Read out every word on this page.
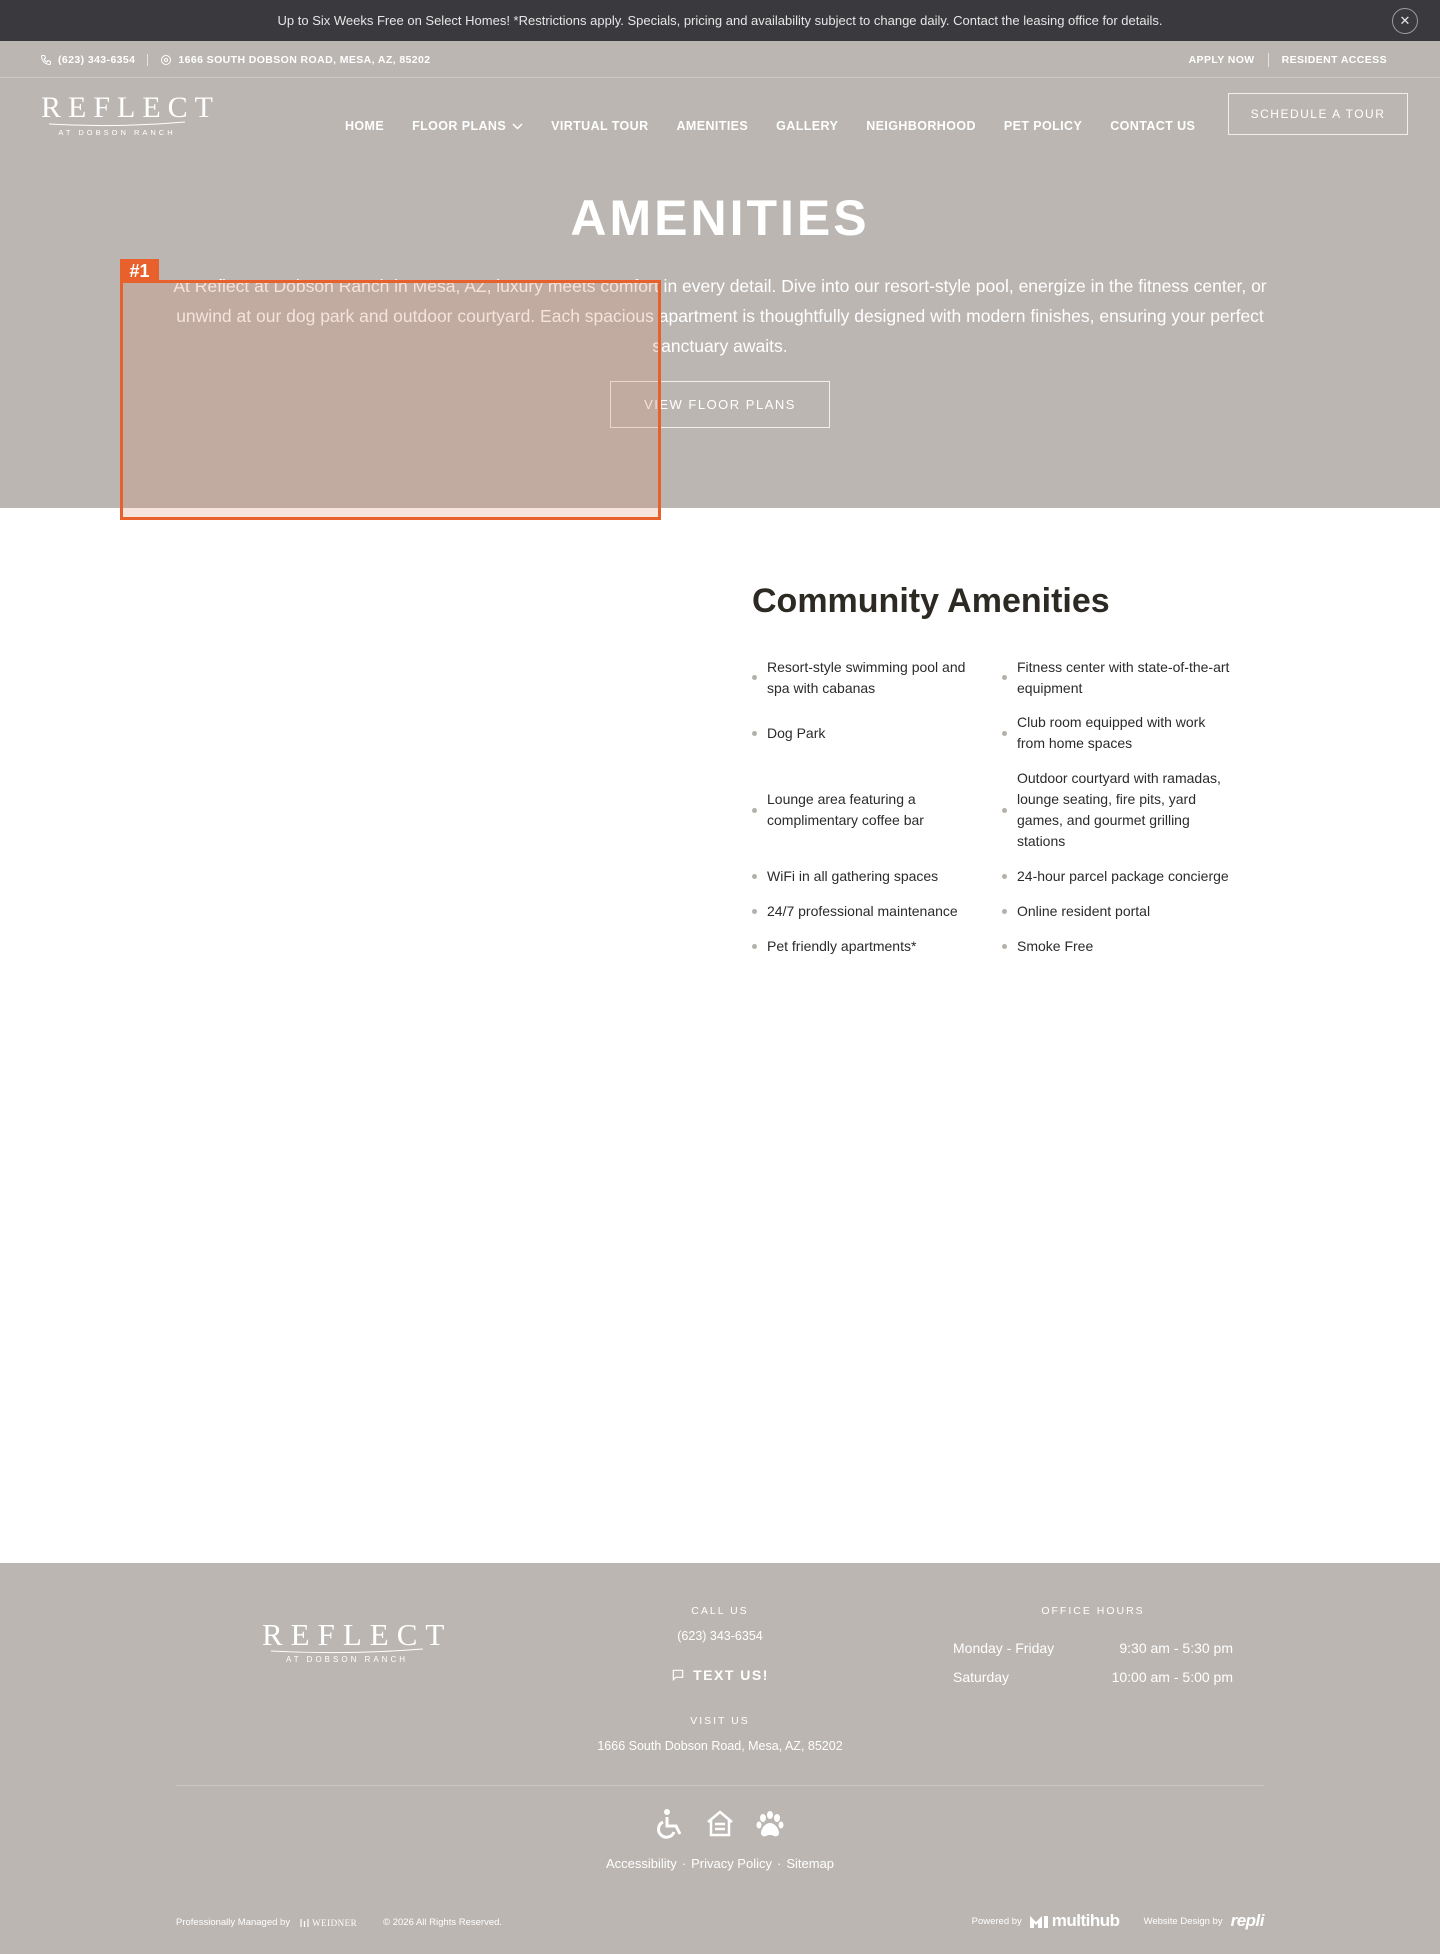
Up to Six Weeks Free on Select Homes! *Restrictions apply. Specials, pricing and availability subject to change daily. Contact the leasing office for details.	✕
(623) 343-6354	1666 SOUTH DOBSON ROAD, MESA, AZ, 85202	APPLY NOW	RESIDENT ACCESS
REFLECT
AT DOBSON RANCH	HOME FLOOR PLANS	VIRTUAL TOUR AMENITIES GALLERY NEIGHBORHOOD PET POLICY CONTACT US
SCHEDULE A TOUR
AMENITIES

At Reflect at Dobson Ranch in Mesa, AZ, luxury meets comfort in every detail. Dive into our resort-style pool, energize in the fitness center, or unwind at our dog park and outdoor courtyard. Each spacious apartment is thoughtfully designed with modern finishes, ensuring your perfect sanctuary awaits.

VIEW FLOOR PLANS
#1
Community Amenities
Resort-style swimming pool and spa with cabanas
Fitness center with state-of-the-art equipment
Dog Park
Club room equipped with work from home spaces
Lounge area featuring a complimentary coffee bar
Outdoor courtyard with ramadas, lounge seating, fire pits, yard games, and gourmet grilling stations
WiFi in all gathering spaces	24-hour parcel package concierge
24/7 professional maintenance	Online resident portal
Pet friendly apartments*	Smoke Free
REFLECT
AT DOBSON RANCH
CALL US
(623) 343-6354
TEXT US!
VISIT US
1666 South Dobson Road, Mesa, AZ, 85202
OFFICE HOURS
Monday - Friday	9:30 am - 5:30 pm
Saturday	10:00 am - 5:00 pm
Accessibility · Privacy Policy · Sitemap
Professionally Managed by WEIDNER	© 2026 All Rights Reserved.	Powered by multihub	Website Design by repli
